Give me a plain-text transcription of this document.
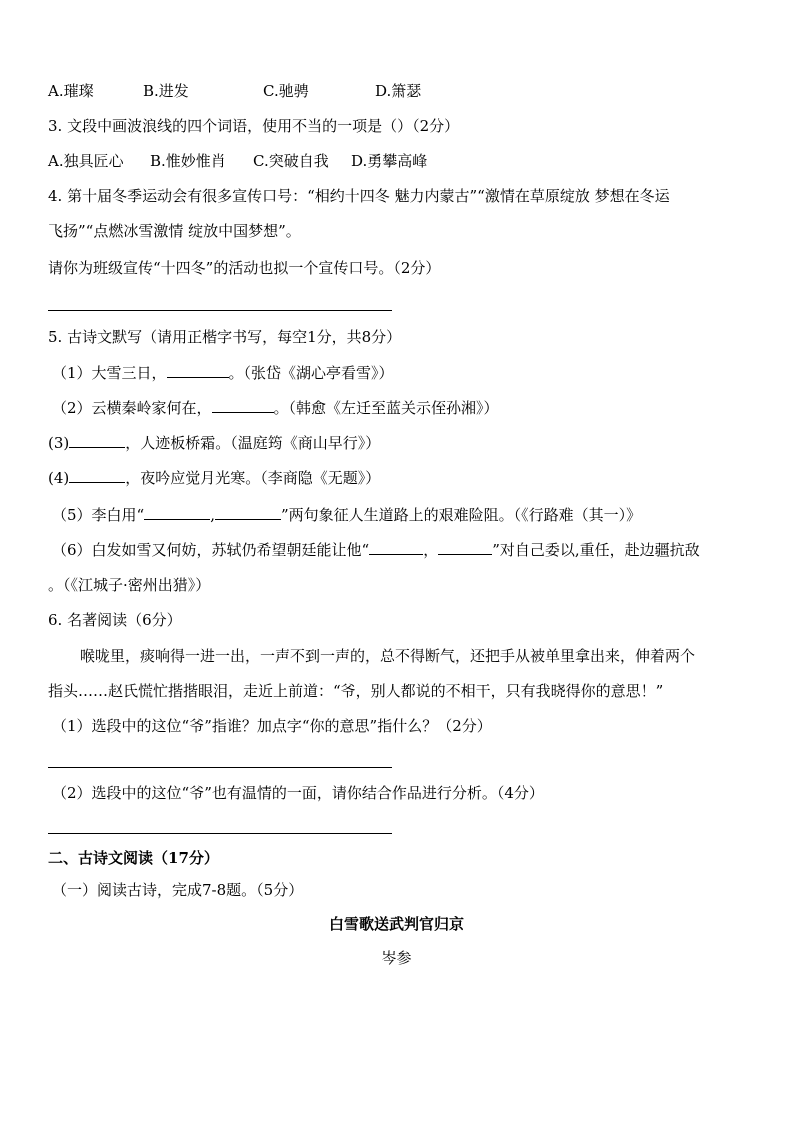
A.璀璨	B.进发	C.驰骋	D.箫瑟
3. 文段中画波浪线的四个词语，使用不当的一项是（）（2分）
A.独具匠心 B.惟妙惟肖 C.突破自我 D.勇攀高峰
4. 第十届冬季运动会有很多宣传口号：“相约十四冬 魅力内蒙古”“激情在草原绽放 梦想在冬运
飞扬”“点燃冰雪激情 绽放中国梦想”。
请你为班级宣传“十四冬”的活动也拟一个宣传口号。（2分）
5. 古诗文默写（请用正楷字书写，每空1分，共8分）
（1）大雪三日，	。（张岱《湖心亭看雪》）
（2）云横秦岭家何在，	。（韩愈《左迁至蓝关示侄孙湘》）
(3)	，人迹板桥霜。（温庭筠《商山早行》）
(4)	，夜吟应觉月光寒。（李商隐《无题》）
（5）李白用“	,	”两句象征人生道路上的艰难险阻。（《行路难（其一）》
（6）白发如雪又何妨，苏轼仍希望朝廷能让他“	，	”对自己委以,重任，赴边疆抗敌
。（《江城子·密州出猎》）
6. 名著阅读（6分）
喉咙里，痰响得一进一出，一声不到一声的，总不得断气，还把手从被单里拿出来，伸着两个
指头……赵氏慌忙揩揩眼泪，走近上前道：“爷，别人都说的不相干，只有我晓得你的意思！”
（1）选段中的这位“爷”指谁？加点字“你的意思”指什么？（2分）
（2）选段中的这位“爷”也有温情的一面，请你结合作品进行分析。（4分）
二、古诗文阅读（17分）
（一）阅读古诗，完成7-8题。（5分）
白雪歌送武判官归京
岑参
